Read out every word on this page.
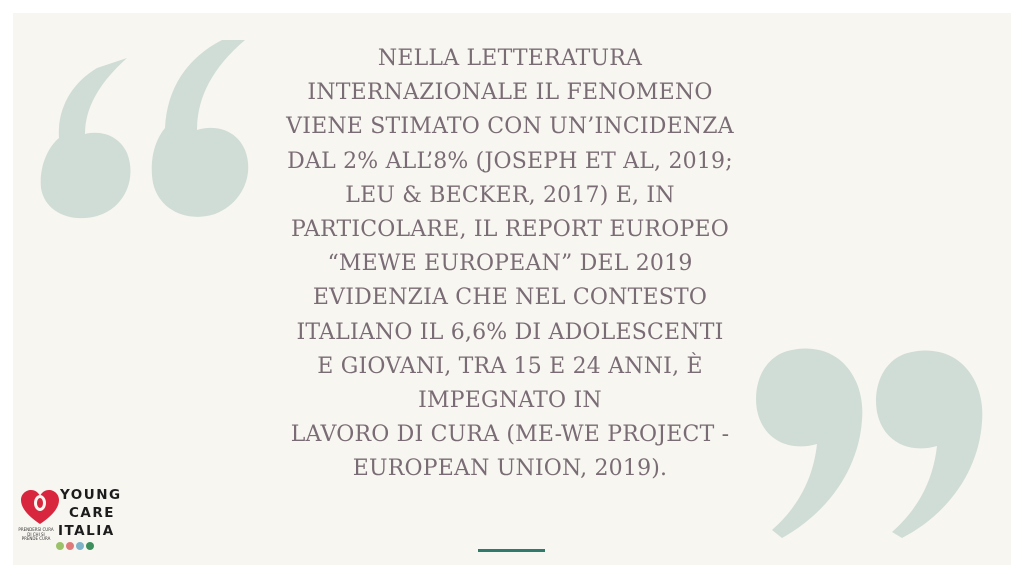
NELLA LETTERATURA
INTERNAZIONALE IL FENOMENO
VIENE STIMATO CON UN’INCIDENZA
DAL 2% ALL’8% (JOSEPH ET AL, 2019;
LEU & BECKER, 2017) E, IN
PARTICOLARE, IL REPORT EUROPEO
“MEWE EUROPEAN” DEL 2019
EVIDENZIA CHE NEL CONTESTO
ITALIANO IL 6,6% DI ADOLESCENTI
E GIOVANI, TRA 15 E 24 ANNI, È
IMPEGNATO IN
LAVORO DI CURA (ME-WE PROJECT -
EUROPEAN UNION, 2019).
YOUNG
CARE
ITALIA
PRENDERSI CURA
DI CHI SI
PRENDE CURA
